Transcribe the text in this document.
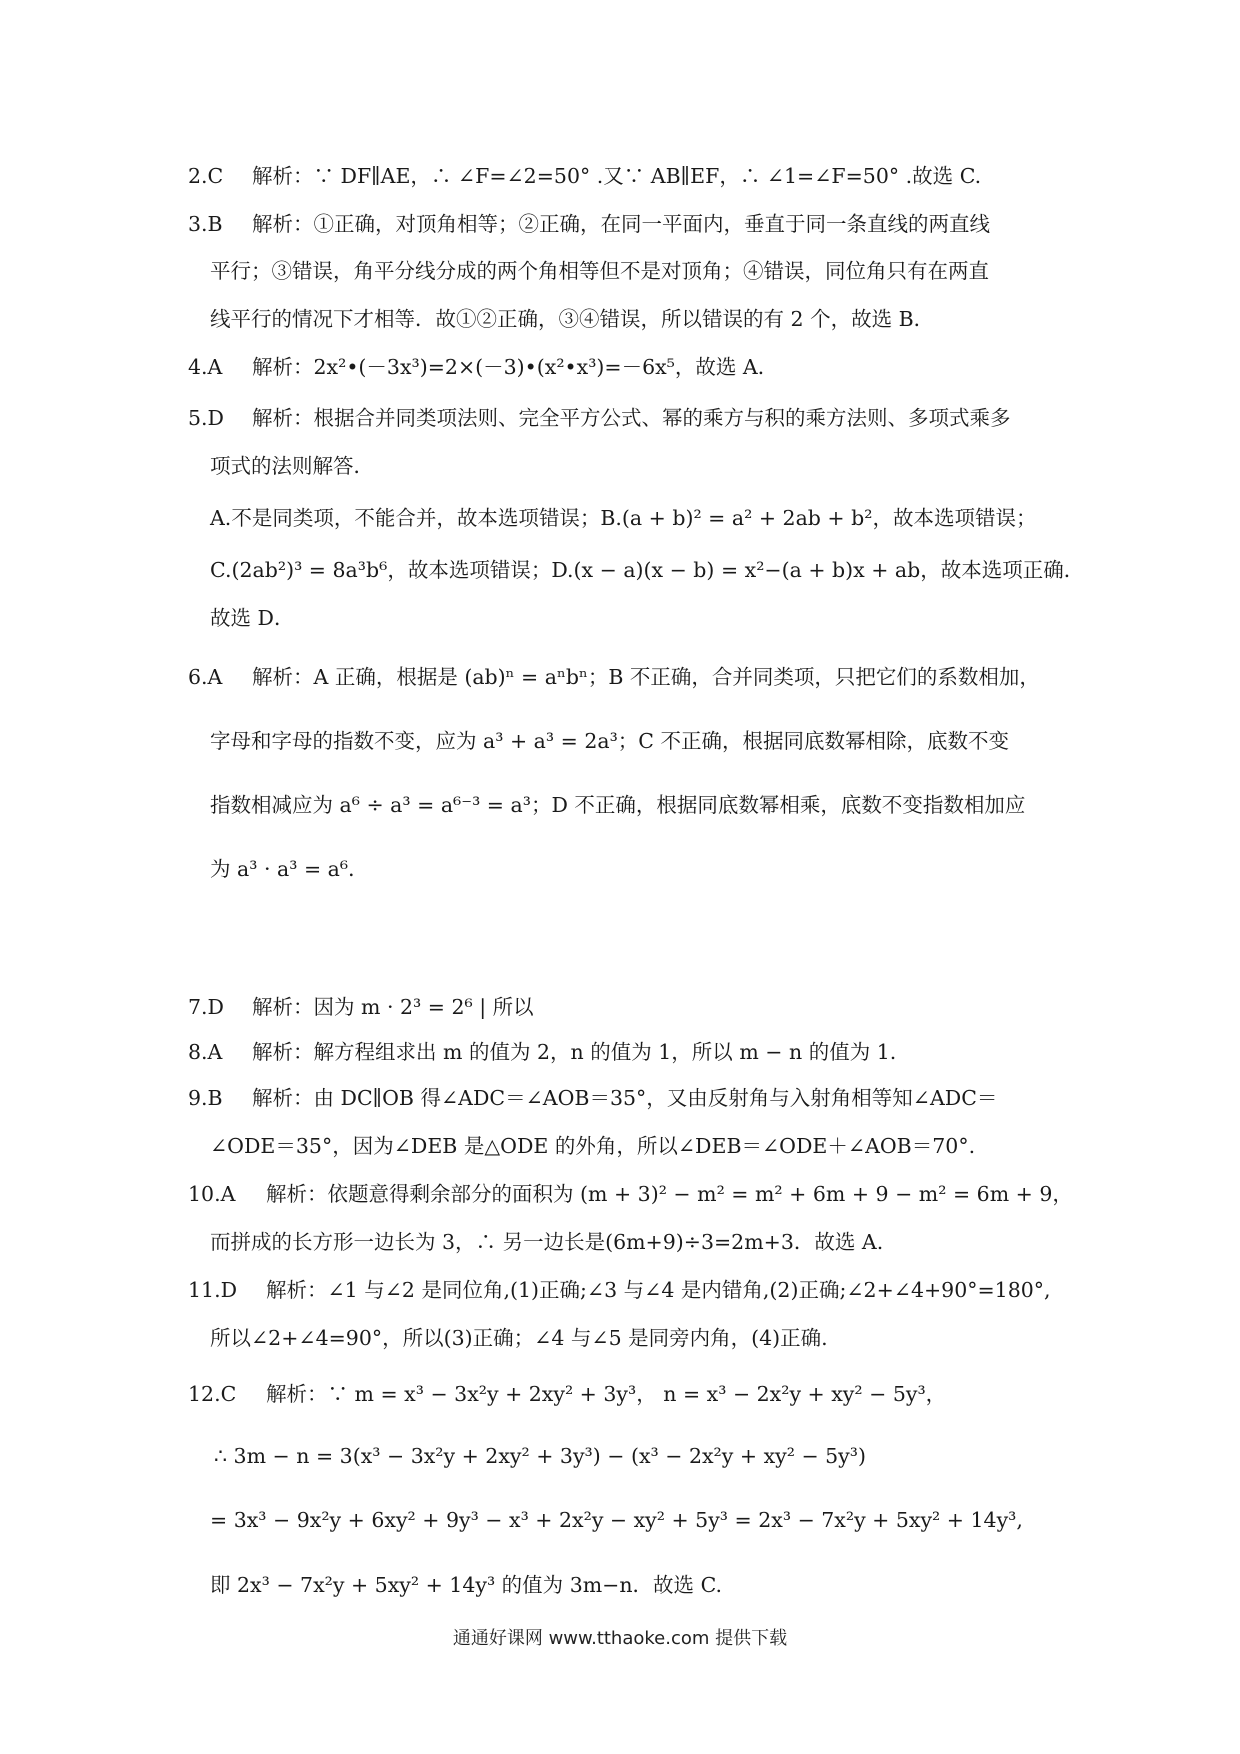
2.C 解析：∵ DF∥AE，∴ ∠F=∠2=50° .又∵ AB∥EF，∴ ∠1=∠F=50° .故选 C.
3.B 解析：①正确，对顶角相等；②正确，在同一平面内，垂直于同一条直线的两直线
平行；③错误，角平分线分成的两个角相等但不是对顶角；④错误，同位角只有在两直
线平行的情况下才相等．故①②正确，③④错误，所以错误的有 2 个，故选 B．
4.A 解析：2x²•(－3x³)=2×(－3)•(x²•x³)=－6x⁵，故选 A．
5.D 解析：根据合并同类项法则、完全平方公式、幂的乘方与积的乘方法则、多项式乘多
项式的法则解答．
A.不是同类项，不能合并，故本选项错误；B.(a + b)² = a² + 2ab + b²，故本选项错误；
C.(2ab²)³ = 8a³b⁶，故本选项错误；D.(x − a)(x − b) = x²−(a + b)x + ab，故本选项正确．
故选 D．
6.A 解析：A 正确，根据是 (ab)ⁿ = aⁿbⁿ；B 不正确，合并同类项，只把它们的系数相加，
字母和字母的指数不变，应为 a³ + a³ = 2a³；C 不正确，根据同底数幂相除，底数不变
指数相减应为 a⁶ ÷ a³ = a⁶⁻³ = a³；D 不正确，根据同底数幂相乘，底数不变指数相加应
为 a³ · a³ = a⁶．
7.D 解析：因为 m · 2³ = 2⁶ | 所以
8.A 解析：解方程组求出 m 的值为 2，n 的值为 1，所以 m − n 的值为 1.
9.B 解析：由 DC∥OB 得∠ADC＝∠AOB＝35°，又由反射角与入射角相等知∠ADC＝
∠ODE＝35°，因为∠DEB 是△ODE 的外角，所以∠DEB＝∠ODE＋∠AOB＝70°.
10.A 解析：依题意得剩余部分的面积为 (m + 3)² − m² = m² + 6m + 9 − m² = 6m + 9，
而拼成的长方形一边长为 3，∴ 另一边长是(6m+9)÷3=2m+3．故选 A.
11.D 解析：∠1 与∠2 是同位角,(1)正确;∠3 与∠4 是内错角,(2)正确;∠2+∠4+90°=180°,
所以∠2+∠4=90°，所以(3)正确；∠4 与∠5 是同旁内角，(4)正确.
12.C 解析：∵ m = x³ − 3x²y + 2xy² + 3y³， n = x³ − 2x²y + xy² − 5y³，
∴ 3m − n = 3(x³ − 3x²y + 2xy² + 3y³) − (x³ − 2x²y + xy² − 5y³)
= 3x³ − 9x²y + 6xy² + 9y³ − x³ + 2x²y − xy² + 5y³ = 2x³ − 7x²y + 5xy² + 14y³,
即 2x³ − 7x²y + 5xy² + 14y³ 的值为 3m−n．故选 C.
通通好课网 www.tthaoke.com 提供下载
